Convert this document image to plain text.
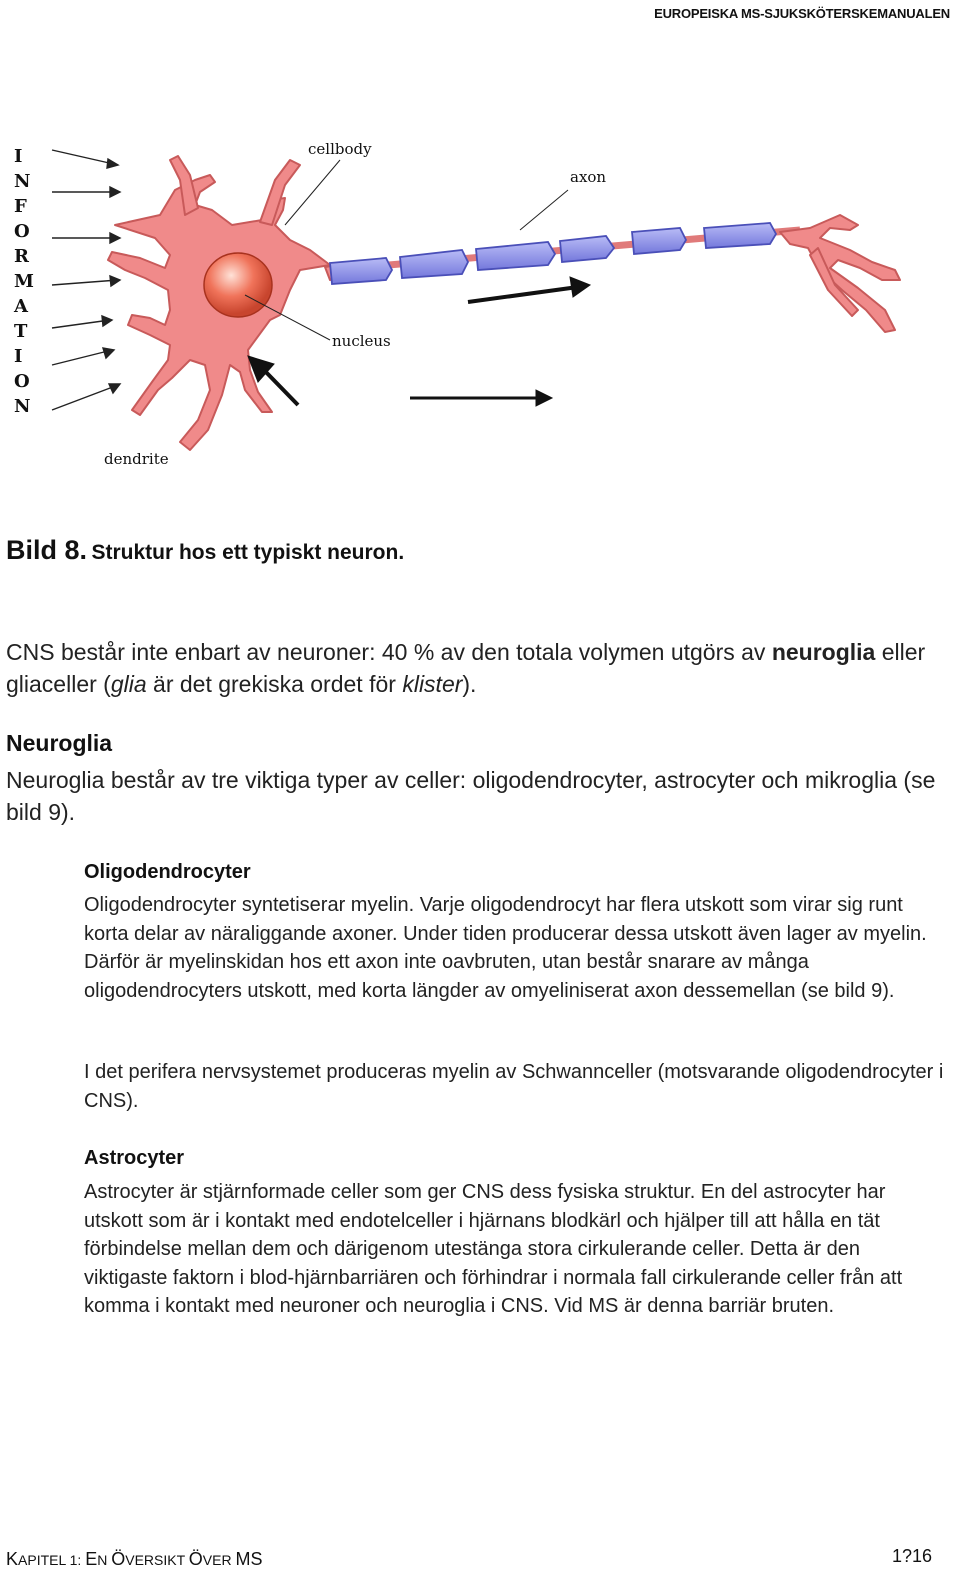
EUROPEISKA MS-SJUKSKÖTERSKEMANUALEN
I
N
F
O
R
M
A
T
I
O
N
cellbody
axon
nucleus
dendrite
Bild 8. Struktur hos ett typiskt neuron.
CNS består inte enbart av neuroner: 40 % av den totala volymen utgörs av neuroglia eller gliaceller (glia är det grekiska ordet för klister).
Neuroglia
Neuroglia består av tre viktiga typer av celler: oligodendrocyter, astrocyter och mikroglia (se bild 9).
Oligodendrocyter
Oligodendrocyter syntetiserar myelin. Varje oligodendrocyt har flera utskott som virar sig runt korta delar av näraliggande axoner. Under tiden producerar dessa utskott även lager av myelin. Därför är myelinskidan hos ett axon inte oavbruten, utan består snarare av många oligodendrocyters utskott, med korta längder av omyeliniserat axon dessemellan (se bild 9).
I det perifera nervsystemet produceras myelin av Schwannceller (motsvarande oligodendrocyter i CNS).
Astrocyter
Astrocyter är stjärnformade celler som ger CNS dess fysiska struktur. En del astrocyter har utskott som är i kontakt med endotelceller i hjärnans blodkärl och hjälper till att hålla en tät förbindelse mellan dem och därigenom utestänga stora cirkulerande celler. Detta är den viktigaste faktorn i blod-hjärnbarriären och förhindrar i normala fall cirkulerande celler från att komma i kontakt med neuroner och neuroglia i CNS. Vid MS är denna barriär bruten.
KAPITEL 1: EN ÖVERSIKT ÖVER MS	1?16
